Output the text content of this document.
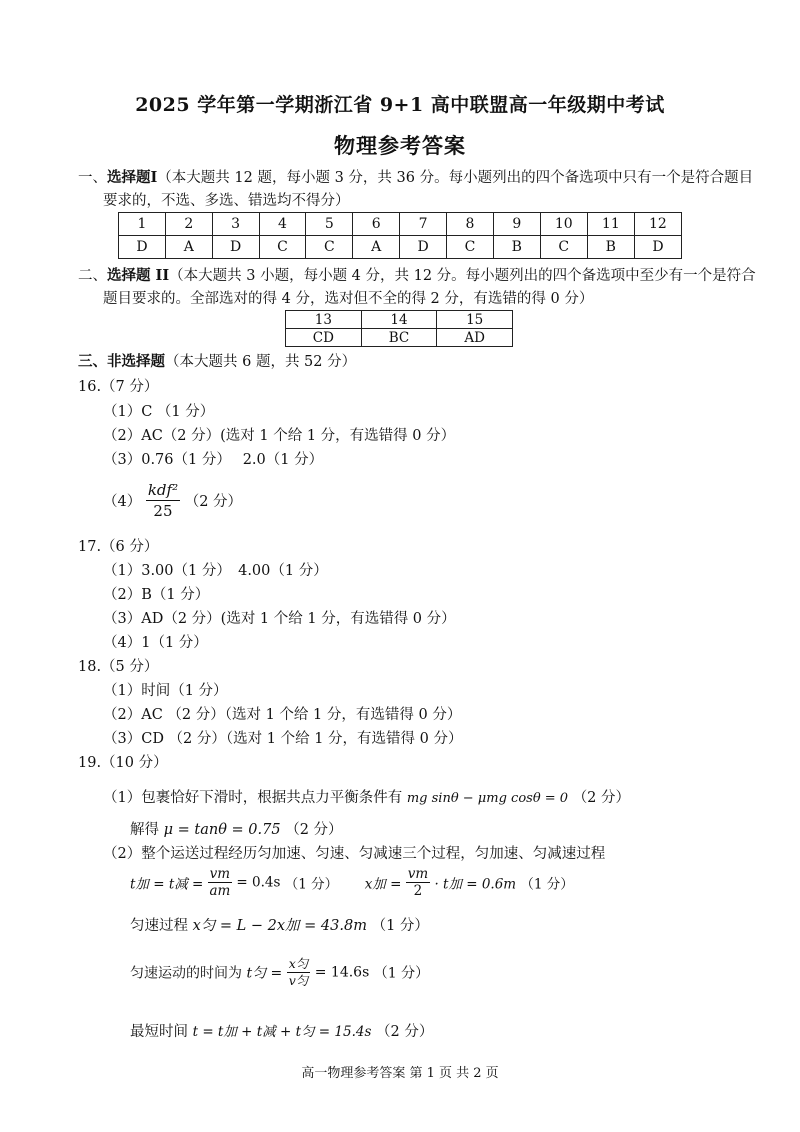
2025 学年第一学期浙江省 9+1 高中联盟高一年级期中考试
物理参考答案
一、选择题I（本大题共 12 题，每小题 3 分，共 36 分。每小题列出的四个备选项中只有一个是符合题目
要求的，不选、多选、错选均不得分）
1	2	3	4	5	6	7	8	9	10	11	12
D	A	D	C	C	A	D	C	B	C	B	D
二、选择题 II（本大题共 3 小题，每小题 4 分，共 12 分。每小题列出的四个备选项中至少有一个是符合
题目要求的。全部选对的得 4 分，选对但不全的得 2 分，有选错的得 0 分）
13	14	15
CD	BC	AD
三、非选择题（本大题共 6 题，共 52 分）
16.（7 分）
（1）C （1 分）
（2）AC（2 分）(选对 1 个给 1 分，有选错得 0 分）
（3）0.76（1 分）　 2.0（1 分）
$(4) \frac{\text{kdf²}}{25} (2$ 分）
17.（6 分）
（1）3.00（1 分）　4.00（1 分）
（2）B（1 分）
（3）AD（2 分）(选对 1 个给 1 分，有选错得 0 分）
（4）1（1 分）
18.（5 分）
（1）时间（1 分）
（2）AC （2 分）（选对 1 个给 1 分，有选错得 0 分）
（3）CD （2 分）（选对 1 个给 1 分，有选错得 0 分）
19.（10 分）
（1）包裹恰好下滑时，根据共点力平衡条件有 mg sinθ − μmg cosθ = 0 （2 分）
解得 μ = tanθ = 0.75 （2 分）
（2）整个运送过程经历匀加速、匀速、匀减速三个过程，匀加速、匀减速过程
t加 = t减 = $\frac{vm}{am} = 0.4s$ （1 分） x加 = $\frac{vm}{2} \cdot t$加 = 0.6m （1 分）
匀速过程 x匀 = L − 2x加 = 43.8m （1 分）
匀速运动的时间为 t匀 = $\frac{\text{x匀}}{\text{v匀}} = 14.6s$ （1 分）
最短时间 t = t加 + t减 + t匀 = 15.4s （2 分）
高一物理参考答案 第 1 页 共 2 页
